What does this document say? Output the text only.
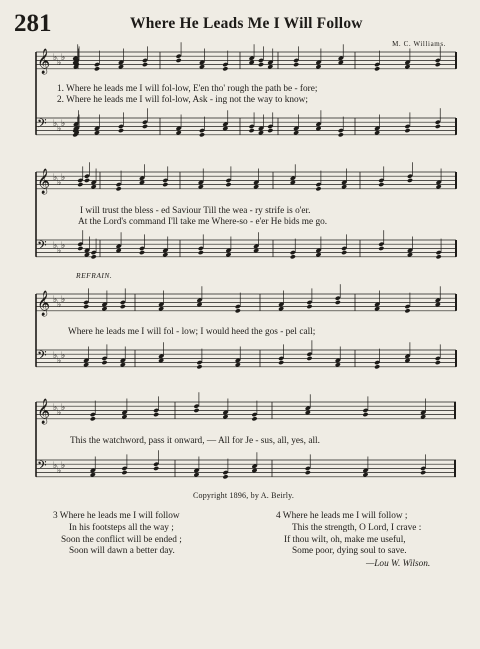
281	Where He Leads Me I Will Follow
M. C. Williams.
𝄞 ♭ ♭ ♭
𝄢 ♭ ♭ ♭
𝄞 ♭ ♭ ♭
𝄢 ♭ ♭ ♭
𝄞 ♭ ♭ ♭
𝄢 ♭ ♭ ♭
𝄞 ♭ ♭ ♭
𝄢 ♭ ♭ ♭
1. Where he leads me I will fol-low, E'en tho' rough the path be - fore;
2. Where he leads me I will fol-low, Ask - ing not the way to know;
I will trust the bless - ed Saviour Till the wea - ry strife is o'er.
At the Lord's command I'll take me Where-so - e'er He bids me go.
REFRAIN.
Where he leads me I will fol - low; I would heed the gos - pel call;
This the watchword, pass it onward, — All for Je - sus, all, yes, all.
Copyright 1896, by A. Beirly.
3 Where he leads me I will follow
In his footsteps all the way ;
Soon the conflict will be ended ;
Soon will dawn a better day.
4 Where he leads me I will follow ;
This the strength, O Lord, I crave :
If thou wilt, oh, make me useful,
Some poor, dying soul to save.
—Lou W. Wilson.
